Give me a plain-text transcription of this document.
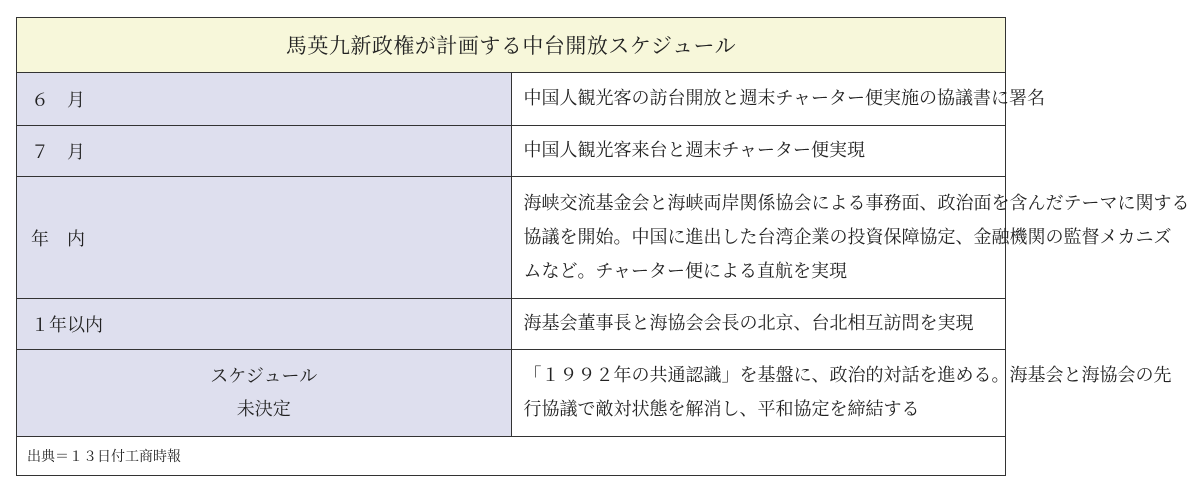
馬英九新政権が計画する中台開放スケジュール	
６　月	中国人観光客の訪台開放と週末チャーター便実施の協議書に署名

７　月	中国人観光客来台と週末チャーター便実現

年　内	海峡交流基金会と海峡両岸関係協会による事務面、政治面を含んだテーマに関する
協議を開始。中国に進出した台湾企業の投資保障協定、金融機関の監督メカニズ
ムなど。チャーター便による直航を実現

１年以内	海基会董事長と海協会会長の北京、台北相互訪問を実現

スケジュール
未決定	「１９９２年の共通認識」を基盤に、政治的対話を進める。海基会と海協会の先
行協議で敵対状態を解消し、平和協定を締結する

出典＝１３日付工商時報	
